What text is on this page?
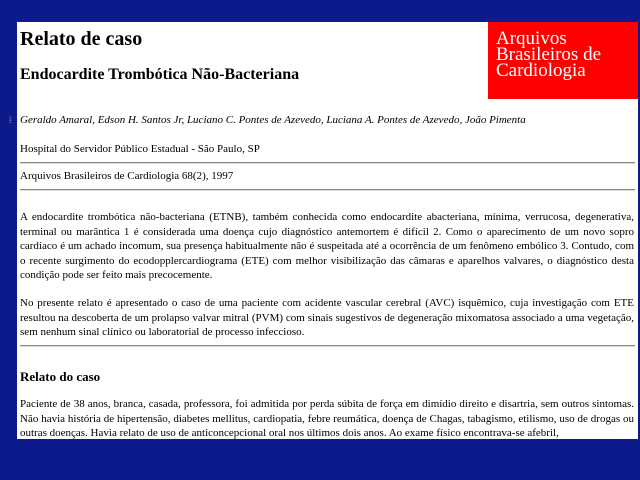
⁞
Arquivos
Brasileiros de
Cardiologia
Relato de caso
Endocardite Trombótica Não-Bacteriana
Geraldo Amaral, Edson H. Santos Jr, Luciano C. Pontes de Azevedo, Luciana A. Pontes de Azevedo, João Pimenta
Hospital do Servidor Público Estadual - São Paulo, SP
Arquivos Brasileiros de Cardiologia 68(2), 1997

A endocardite trombótica não-bacteriana (ETNB), também conhecida como endocardite abacteriana, mínima, verrucosa, degenerativa, terminal ou marântica 1 é considerada uma doença cujo diagnóstico antemortem é difícil 2. Como o aparecimento de um novo sopro cardíaco é um achado incomum, sua presença habitualmente não é suspeitada até a ocorrência de um fenômeno embólico 3. Contudo, com o recente surgimento do ecodopplercardiograma (ETE) com melhor visibilização das câmaras e aparelhos valvares, o diagnóstico desta condição pode ser feito mais precocemente.

No presente relato é apresentado o caso de uma paciente com acidente vascular cerebral (AVC) isquêmico, cuja investigação com ETE resultou na descoberta de um prolapso valvar mitral (PVM) com sinais sugestivos de degeneração mixomatosa associado a uma vegetação, sem nenhum sinal clínico ou laboratorial de processo infeccioso.

Relato do caso

Paciente de 38 anos, branca, casada, professora, foi admitida por perda súbita de força em dimídio direito e disartria, sem outros sintomas. Não havia história de hipertensão, diabetes mellitus, cardiopatia, febre reumática, doença de Chagas, tabagismo, etilismo, uso de drogas ou outras doenças. Havia relato de uso de anticoncepcional oral nos últimos dois anos. Ao exame físico encontrava-se afebril,
